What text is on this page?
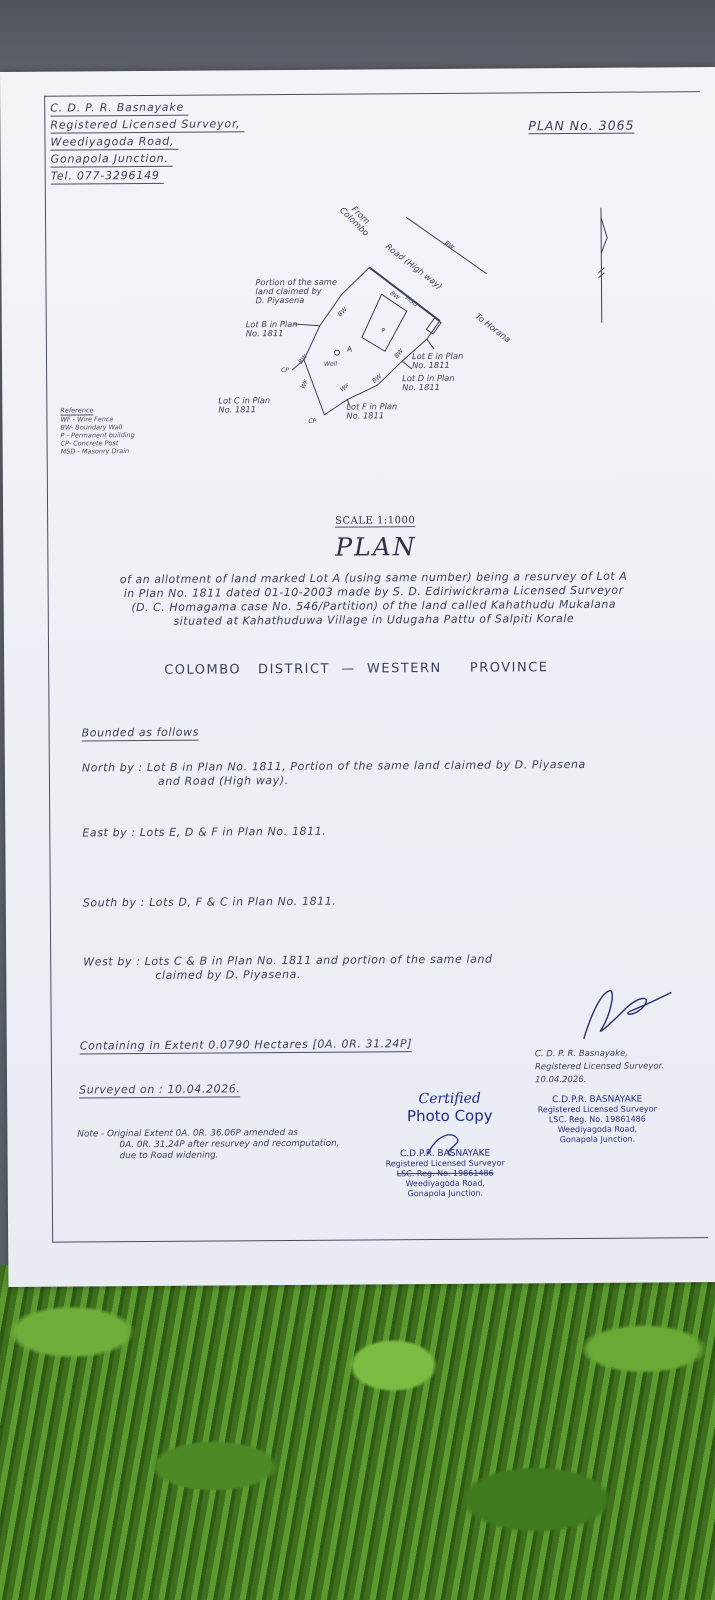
C. D. P. R. Basnayake
Registered Licensed Surveyor,
Weediyagoda Road,
Gonapola Junction.
Tel. 077-3296149
PLAN No. 3065
From
Colombo
Road (High way)
To Horana
BW
MSD
BW
BW
BW	BW
BW
Portion of the same
land claimed by
D. Piyasena
Lot B in Plan
No. 1811
Lot C in Plan
No. 1811
Lot E in Plan
No. 1811
Lot D in Plan
No. 1811
Lot F in Plan
No. 1811
A
P
Well
CP
CP
WF	WF
Reference
WF - Wire Fence
BW- Boundary Wall
P - Permanent building
CP- Concrete Post
MSD - Masonry Drain
SCALE 1:1000
PLAN
of an allotment of land marked Lot A (using same number) being a resurvey of Lot A
in Plan No. 1811 dated 01-10-2003 made by S. D. Ediriwickrama Licensed Surveyor
(D. C. Homagama case No. 546/Partition) of the land called Kahathudu Mukalana
situated at Kahathuduwa Village in Udugaha Pattu of Salpiti Korale
COLOMBO   DISTRICT  —  WESTERN     PROVINCE
Bounded as follows
North by : Lot B in Plan No. 1811, Portion of the same land claimed by D. Piyasena
and Road (High way).
East by : Lots E, D & F in Plan No. 1811.
South by : Lots D, F & C in Plan No. 1811.
West by : Lots C & B in Plan No. 1811 and portion of the same land
claimed by D. Piyasena.
Containing in Extent 0.0790 Hectares [0A. 0R. 31.24P]
Surveyed on : 10.04.2026.
Note - Original Extent 0A. 0R. 36.06P amended as
0A. 0R. 31.24P after resurvey and recomputation,
due to Road widening.
C. D. P. R. Basnayake,
Registered Licensed Surveyor.
10.04.2026.
C.D.P.R. BASNAYAKE
Registered Licensed Surveyor
LSC. Reg. No. 19861486
Weediyagoda Road,
Gonapola Junction.
Certified
Photo Copy
C.D.P.R. BASNAYAKE
Registered Licensed Surveyor
LSC. Reg. No. 19861486
Weediyagoda Road,
Gonapola Junction.
